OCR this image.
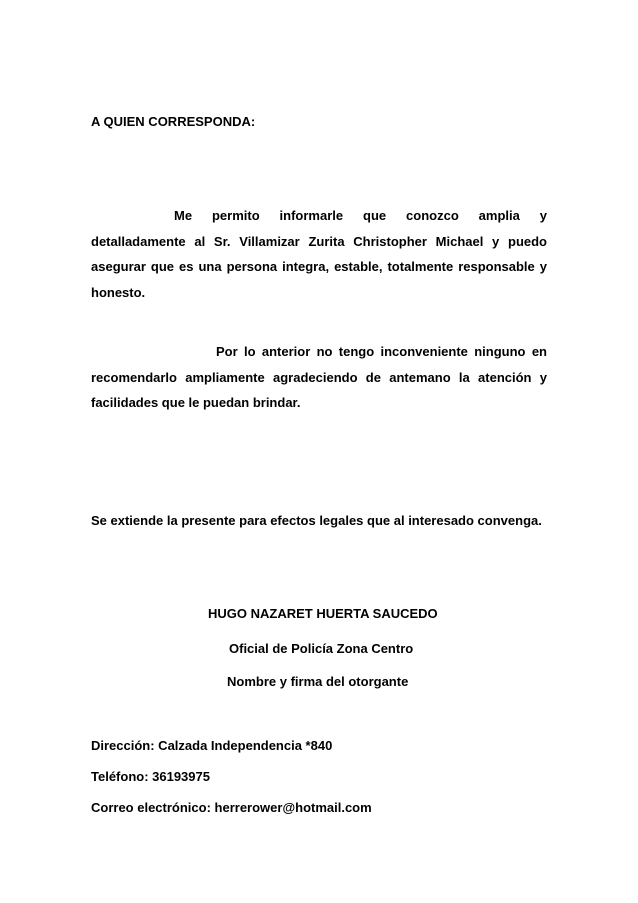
A QUIEN CORRESPONDA:

Me permito informarle que conozco amplia y detalladamente al Sr. Villamizar Zurita Christopher Michael y puedo asegurar que es una persona integra, estable, totalmente responsable y honesto.

Por lo anterior no tengo inconveniente ninguno en recomendarlo ampliamente agradeciendo de antemano la atención y facilidades que le puedan brindar.

Se extiende la presente para efectos legales que al interesado convenga.

HUGO NAZARET HUERTA SAUCEDO

Oficial de Policía Zona Centro

Nombre y firma del otorgante

Dirección: Calzada Independencia *840

Teléfono: 36193975

Correo electrónico: herrerower@hotmail.com
